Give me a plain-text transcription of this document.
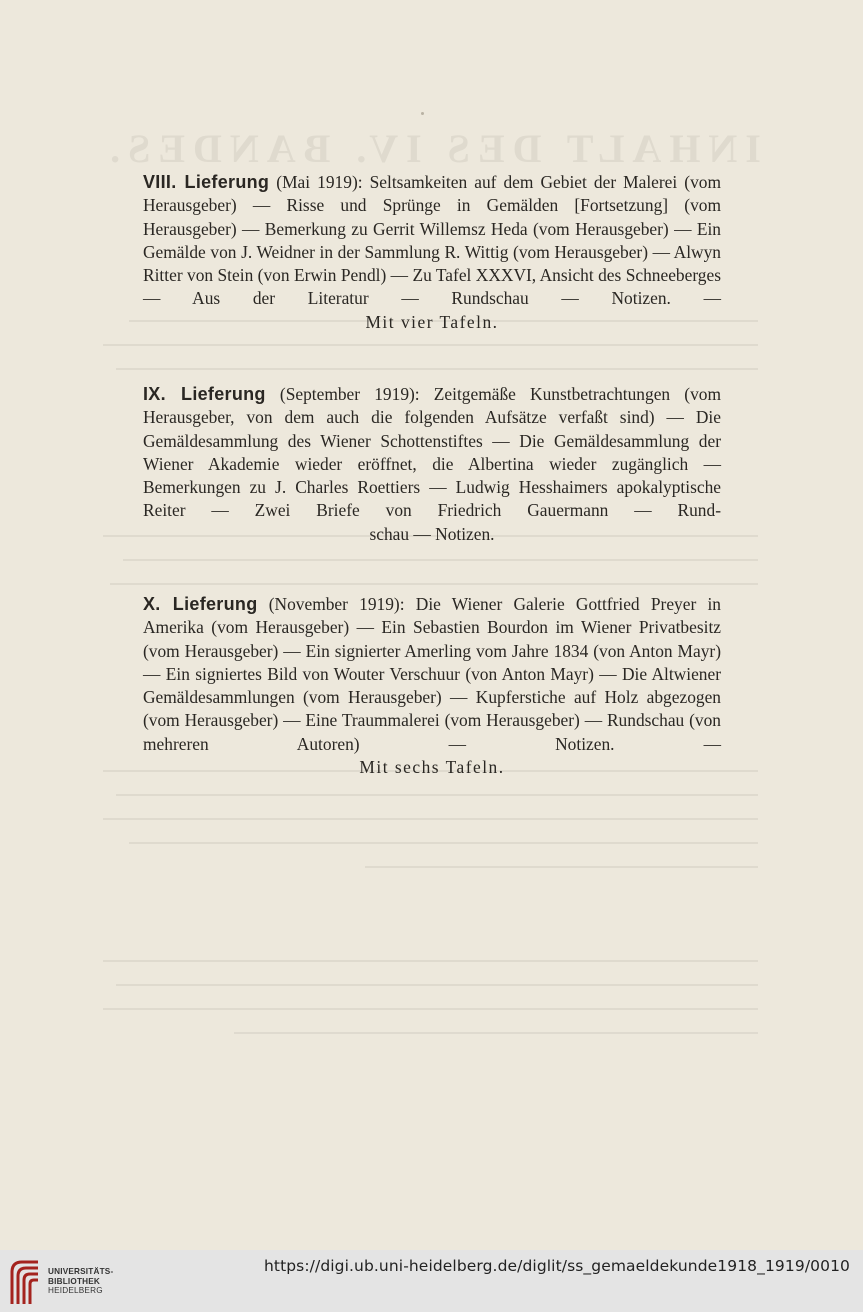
INHALT DES IV. BANDES.
VIII. Lieferung (Mai 1919): Seltsamkeiten auf dem Gebiet der Malerei (vom Herausgeber) — Risse und Sprünge in Gemälden [Fortsetzung] (vom Herausgeber) — Bemerkung zu Gerrit Willemsz Heda (vom Herausgeber) — Ein Gemälde von J. Weidner in der Sammlung R. Wittig (vom Herausgeber) — Alwyn Ritter von Stein (von Erwin Pendl) — Zu Tafel XXXVI, Ansicht des Schneeberges — Aus der Literatur — Rundschau — Notizen. —
Mit vier Tafeln.
IX. Lieferung (September 1919): Zeitgemäße Kunstbetrachtungen (vom Herausgeber, von dem auch die folgenden Aufsätze verfaßt sind) — Die Gemäldesammlung des Wiener Schottenstiftes — Die Gemäldesammlung der Wiener Akademie wieder eröffnet, die Albertina wieder zugänglich — Bemerkungen zu J. Charles Roettiers — Ludwig Hesshaimers apokalyptische Reiter — Zwei Briefe von Friedrich Gauermann — Rund-
schau — Notizen.
X. Lieferung (November 1919): Die Wiener Galerie Gottfried Preyer in Amerika (vom Herausgeber) — Ein Sebastien Bourdon im Wiener Privatbesitz (vom Herausgeber) — Ein signierter Amerling vom Jahre 1834 (von Anton Mayr) — Ein signiertes Bild von Wouter Verschuur (von Anton Mayr) — Die Altwiener Gemäldesammlungen (vom Herausgeber) — Kupferstiche auf Holz abgezogen (vom Herausgeber) — Eine Traummalerei (vom Herausgeber) — Rundschau (von mehreren Autoren) — Notizen. —
Mit sechs Tafeln.
UNIVERSITÄTS-
BIBLIOTHEK
HEIDELBERG
https://digi.ub.uni-heidelberg.de/diglit/ss_gemaeldekunde1918_1919/0010
